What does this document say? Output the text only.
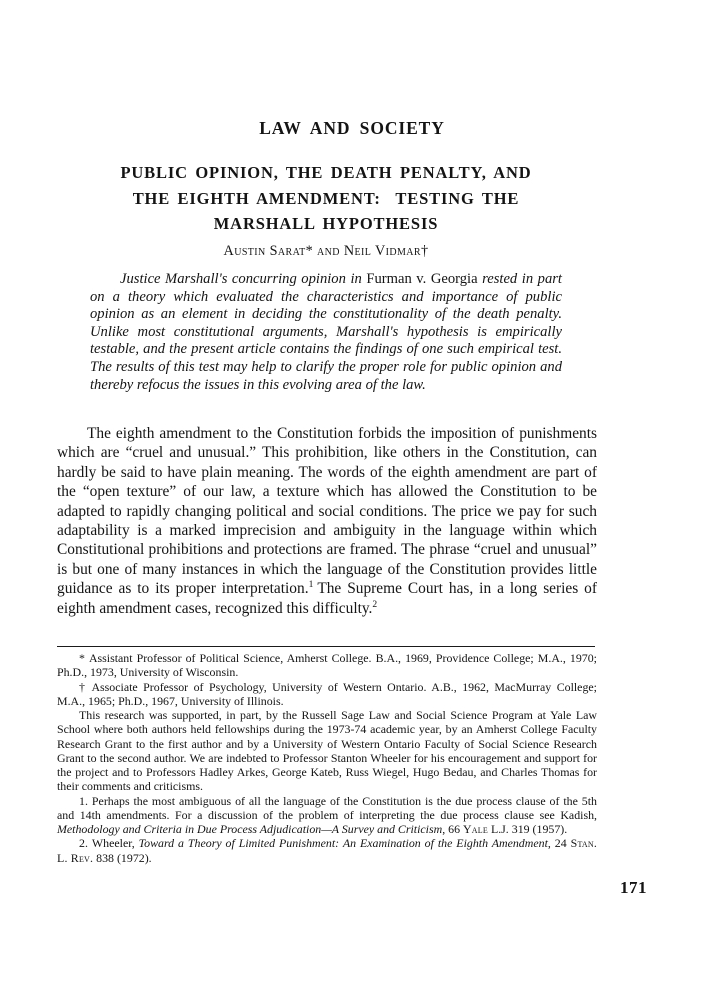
LAW AND SOCIETY
PUBLIC OPINION, THE DEATH PENALTY, AND
THE EIGHTH AMENDMENT:  TESTING THE
MARSHALL HYPOTHESIS
Austin Sarat* and Neil Vidmar†
Justice Marshall's concurring opinion in Furman v. Georgia rested in part on a theory which evaluated the characteristics and importance of public opinion as an element in deciding the constitutionality of the death penalty. Unlike most constitutional arguments, Marshall's hypothesis is empirically testable, and the present article contains the findings of one such empirical test. The results of this test may help to clarify the proper role for public opinion and thereby refocus the issues in this evolving area of the law.
The eighth amendment to the Constitution forbids the imposition of punishments which are “cruel and unusual.” This prohibition, like others in the Constitution, can hardly be said to have plain meaning. The words of the eighth amendment are part of the “open texture” of our law, a texture which has allowed the Constitution to be adapted to rapidly changing political and social conditions. The price we pay for such adaptability is a marked imprecision and ambiguity in the language within which Constitutional prohibitions and protections are framed. The phrase “cruel and unusual” is but one of many instances in which the language of the Constitution provides little guidance as to its proper interpretation.$^1$ The Supreme Court has, in a long series of eighth amendment cases, recognized this difficulty.$^2$

* Assistant Professor of Political Science, Amherst College. B.A., 1969, Providence College; M.A., 1970; Ph.D., 1973, University of Wisconsin.

† Associate Professor of Psychology, University of Western Ontario. A.B., 1962, MacMurray College; M.A., 1965; Ph.D., 1967, University of Illinois.

This research was supported, in part, by the Russell Sage Law and Social Science Program at Yale Law School where both authors held fellowships during the 1973-74 academic year, by an Amherst College Faculty Research Grant to the first author and by a University of Western Ontario Faculty of Social Science Research Grant to the second author. We are indebted to Professor Stanton Wheeler for his encouragement and support for the project and to Professors Hadley Arkes, George Kateb, Russ Wiegel, Hugo Bedau, and Charles Thomas for their comments and criticisms.

1. Perhaps the most ambiguous of all the language of the Constitution is the due process clause of the 5th and 14th amendments. For a discussion of the problem of interpreting the due process clause see Kadish, Methodology and Criteria in Due Process Adjudication—A Survey and Criticism, 66 Yale L.J. 319 (1957).

2. Wheeler, Toward a Theory of Limited Punishment: An Examination of the Eighth Amendment, 24 Stan. L. Rev. 838 (1972).

171
